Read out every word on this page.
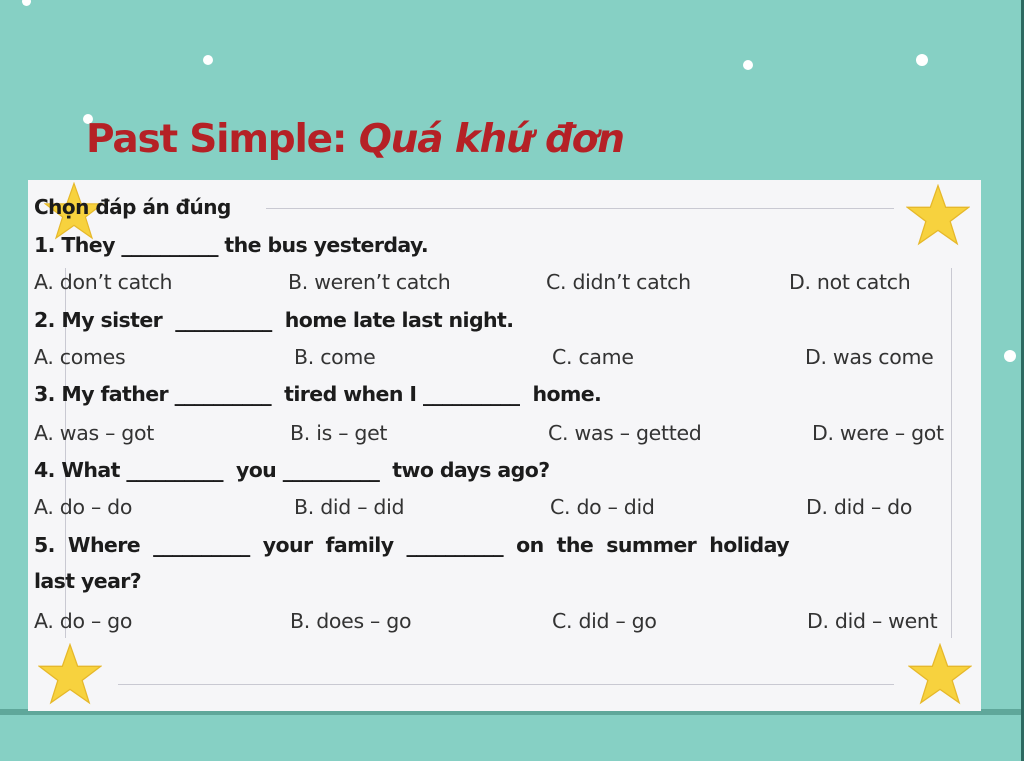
Past Simple: Quá khứ đơn

Chọn đáp án đúng

1. They __________ the bus yesterday.

A. don’t catch	B. weren’t catch	C. didn’t catch	D. not catch

2. My sister  __________  home late last night.

A. comes	B. come	C. came	D. was come

3. My father __________  tired when I __________  home.

A. was – got	B. is – get	C. was – getted	D. were – got

4. What __________  you __________  two days ago?

A. do – do	B. did – did	C. do – did	D. did – do

5.  Where  __________  your  family  __________  on  the  summer  holiday

last year?

A. do – go	B. does – go	C. did – go	D. did – went
